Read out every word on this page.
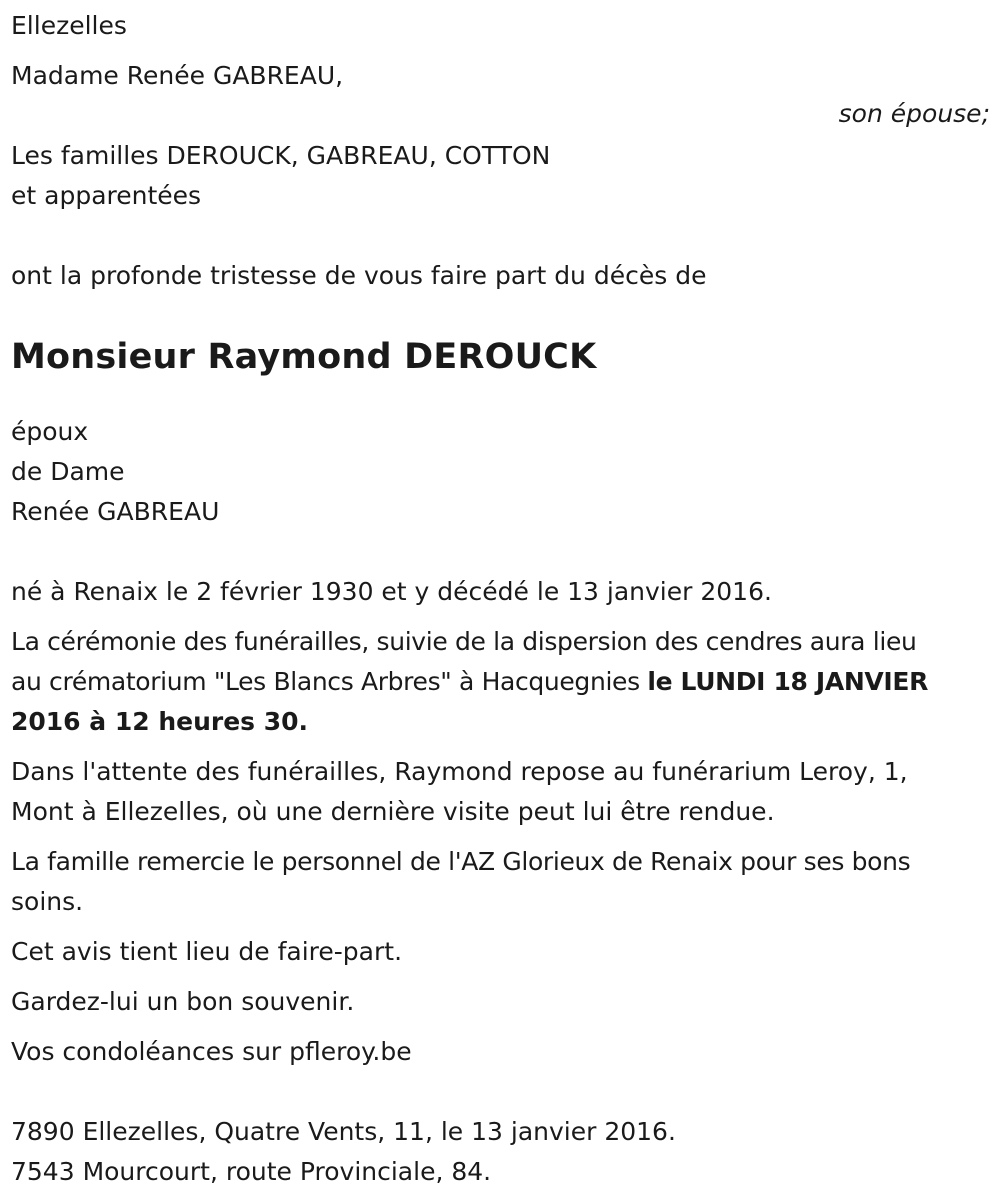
Ellezelles

Madame Renée GABREAU,

son épouse;

Les familles DEROUCK, GABREAU, COTTON

et apparentées

ont la profonde tristesse de vous faire part du décès de

Monsieur Raymond DEROUCK

époux

de Dame

Renée GABREAU

né à Renaix le 2 février 1930 et y décédé le 13 janvier 2016.

La cérémonie des funérailles, suivie de la dispersion des cendres aura lieu

au crématorium "Les Blancs Arbres" à Hacquegnies le LUNDI 18 JANVIER

2016 à 12 heures 30.

Dans l'attente des funérailles, Raymond repose au funérarium Leroy, 1,

Mont à Ellezelles, où une dernière visite peut lui être rendue.

La famille remercie le personnel de l'AZ Glorieux de Renaix pour ses bons

soins.

Cet avis tient lieu de faire-part.

Gardez-lui un bon souvenir.

Vos condoléances sur pfleroy.be

7890 Ellezelles, Quatre Vents, 11, le 13 janvier 2016.

7543 Mourcourt, route Provinciale, 84.
